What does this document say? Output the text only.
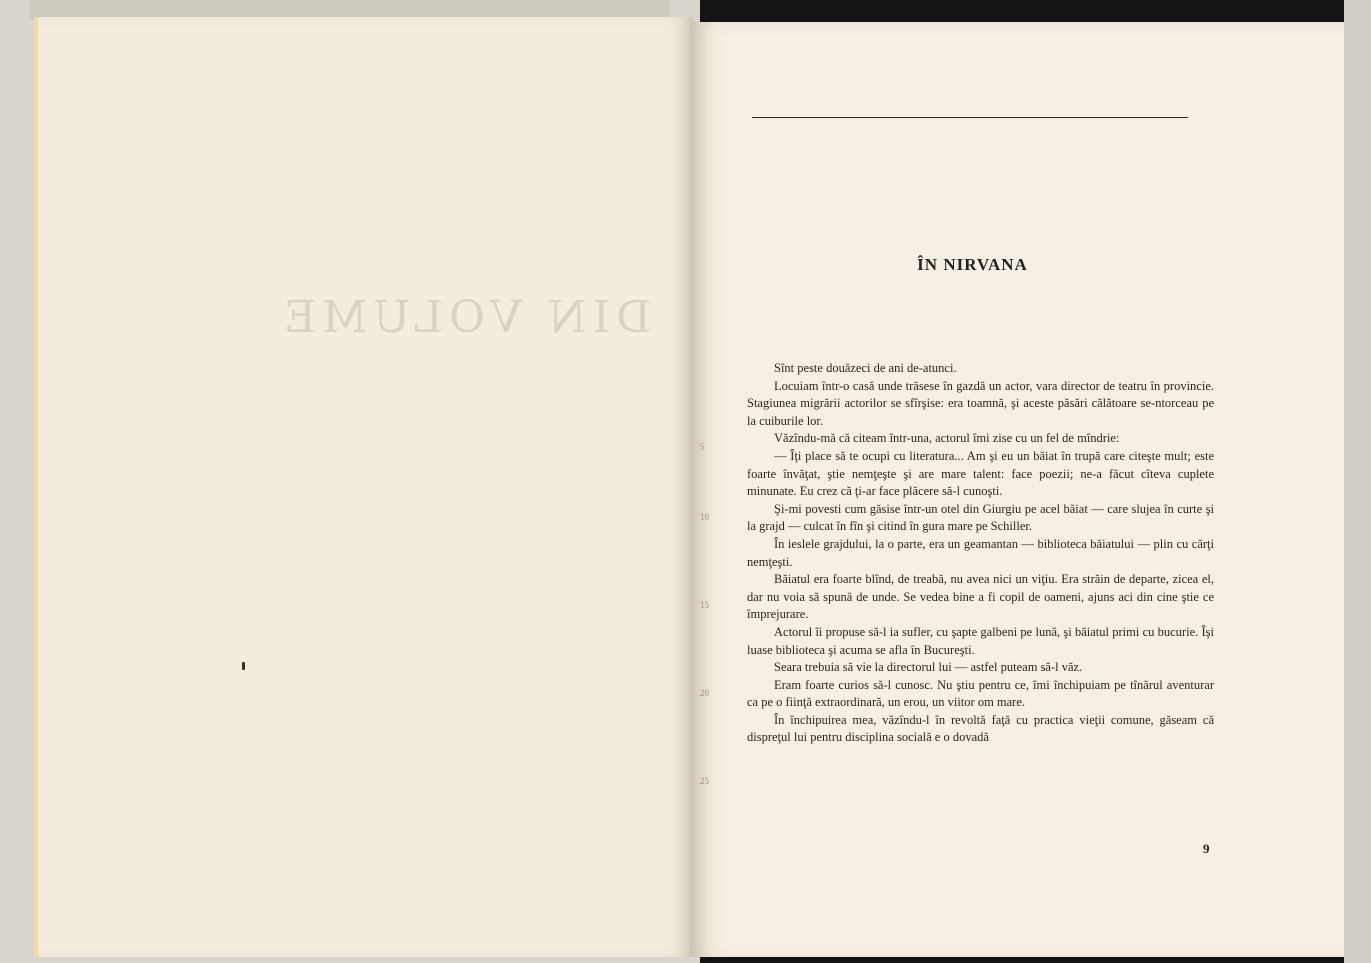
DIN VOLUME
ÎN NIRVANA
5
10
15
20
25

Sînt peste douăzeci de ani de-atunci.

Locuiam într-o casă unde trăsese în gazdă un actor, vara director de teatru în provincie. Stagiunea migrării actorilor se sfîrşise: era toamnă, şi aceste păsări călătoare se-ntorceau pe la cuiburile lor.

Văzîndu-mă că citeam într-una, actorul îmi zise cu un fel de mîndrie:

— Îţi place să te ocupi cu literatura... Am şi eu un băiat în trupă care citeşte mult; este foarte învăţat, ştie nemţeşte şi are mare talent: face poezii; ne-a făcut cîteva cuplete minunate. Eu crez că ţi-ar face plăcere să-l cunoşti.

Şi-mi povesti cum găsise într-un otel din Giurgiu pe acel băiat — care slujea în curte şi la grajd — culcat în fîn şi citind în gura mare pe Schiller.

În ieslele grajdului, la o parte, era un geamantan — biblioteca băiatului — plin cu cărţi nemţeşti.

Băiatul era foarte blînd, de treabă, nu avea nici un viţiu. Era străin de departe, zicea el, dar nu voia să spună de unde. Se vedea bine a fi copil de oameni, ajuns aci din cine ştie ce împrejurare.

Actorul îi propuse să-l ia sufler, cu şapte galbeni pe lună, şi băiatul primi cu bucurie. Îşi luase biblioteca şi acuma se afla în Bucureşti.

Seara trebuia să vie la directorul lui — astfel puteam să-l văz.

Eram foarte curios să-l cunosc. Nu ştiu pentru ce, îmi închipuiam pe tînărul aventurar ca pe o fiinţă extraordinară, un erou, un viitor om mare.

În închipuirea mea, văzîndu-l în revoltă faţă cu practica vieţii comune, găseam că dispreţul lui pentru disciplina socială e o dovadă

9
